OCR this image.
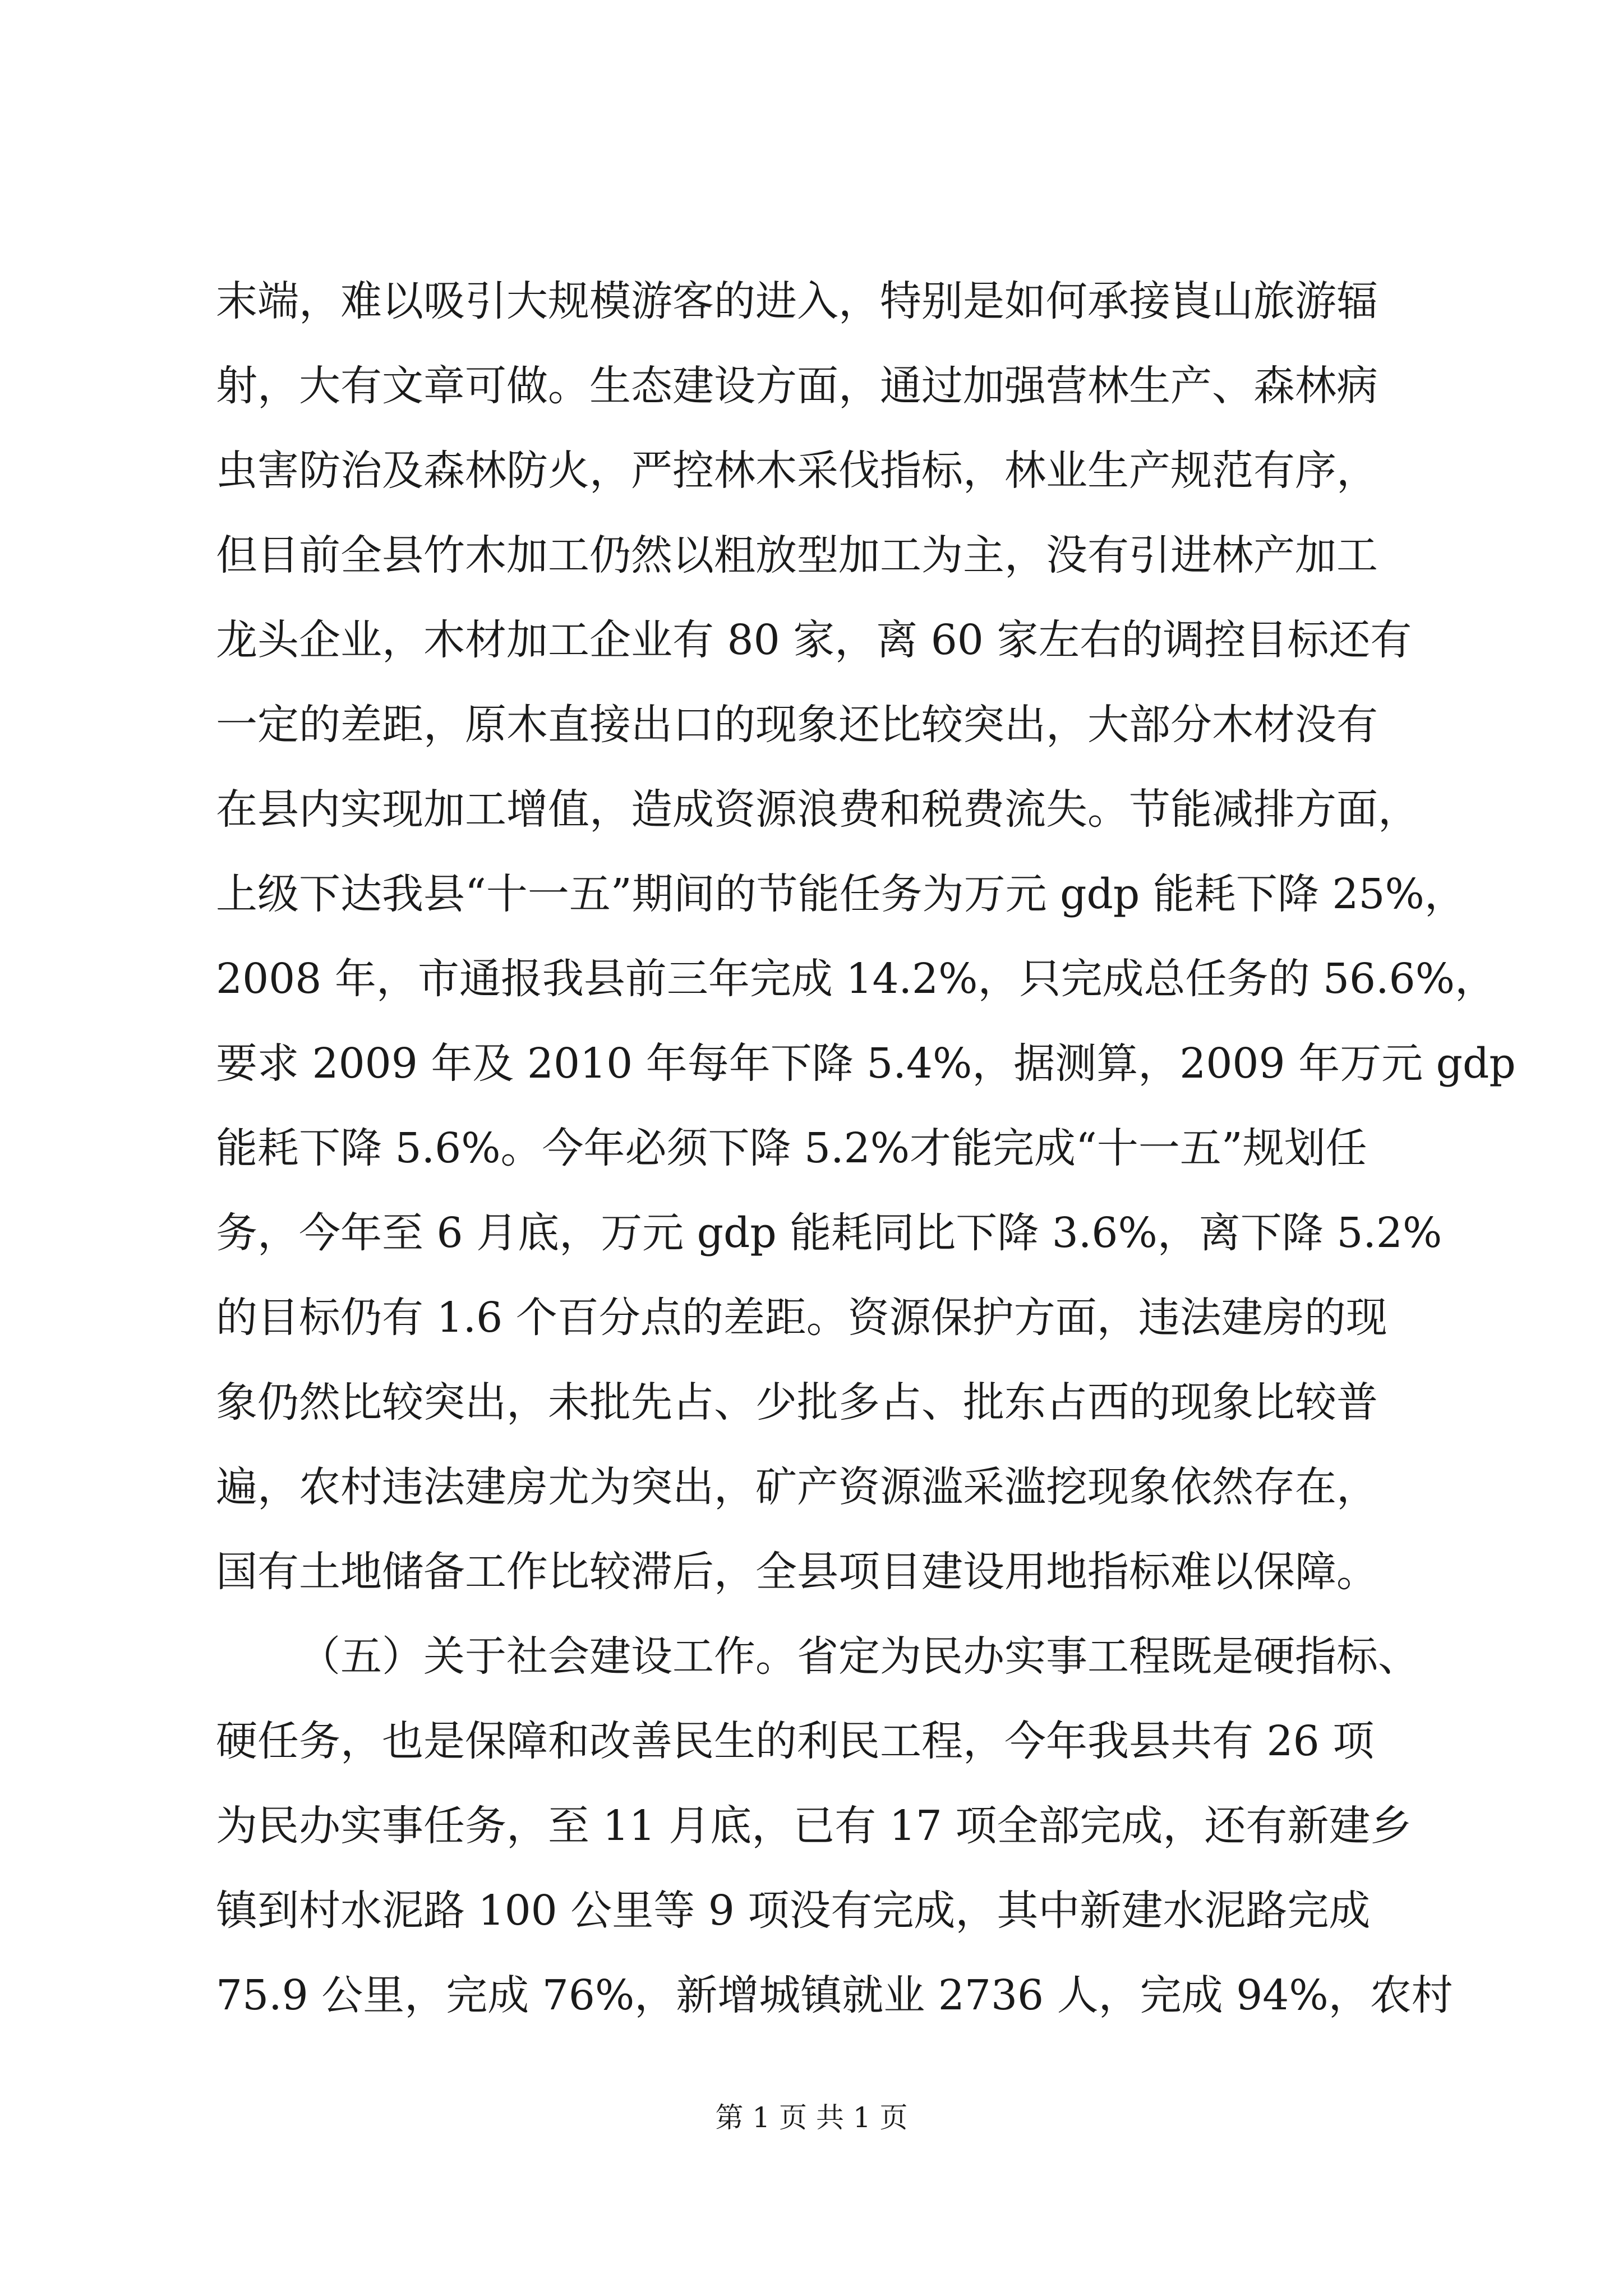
末端，难以吸引大规模游客的进入，特别是如何承接崀山旅游辐
射，大有文章可做。生态建设方面，通过加强营林生产、森林病
虫害防治及森林防火，严控林木采伐指标，林业生产规范有序，
但目前全县竹木加工仍然以粗放型加工为主，没有引进林产加工
龙头企业，木材加工企业有 80 家，离 60 家左右的调控目标还有
一定的差距，原木直接出口的现象还比较突出，大部分木材没有
在县内实现加工增值，造成资源浪费和税费流失。节能减排方面，
上级下达我县“十一五”期间的节能任务为万元 gdp 能耗下降 25%，
2008 年，市通报我县前三年完成 14.2%，只完成总任务的 56.6%，
要求 2009 年及 2010 年每年下降 5.4%，据测算，2009 年万元 gdp
能耗下降 5.6%。今年必须下降 5.2%才能完成“十一五”规划任
务，今年至 6 月底，万元 gdp 能耗同比下降 3.6%，离下降 5.2%
的目标仍有 1.6 个百分点的差距。资源保护方面，违法建房的现
象仍然比较突出，未批先占、少批多占、批东占西的现象比较普
遍，农村违法建房尤为突出，矿产资源滥采滥挖现象依然存在，
国有土地储备工作比较滞后，全县项目建设用地指标难以保障。
（五）关于社会建设工作。省定为民办实事工程既是硬指标、
硬任务，也是保障和改善民生的利民工程，今年我县共有 26 项
为民办实事任务，至 11 月底，已有 17 项全部完成，还有新建乡
镇到村水泥路 100 公里等 9 项没有完成，其中新建水泥路完成
75.9 公里，完成 76%，新增城镇就业 2736 人，完成 94%，农村
第 1 页 共 1 页
